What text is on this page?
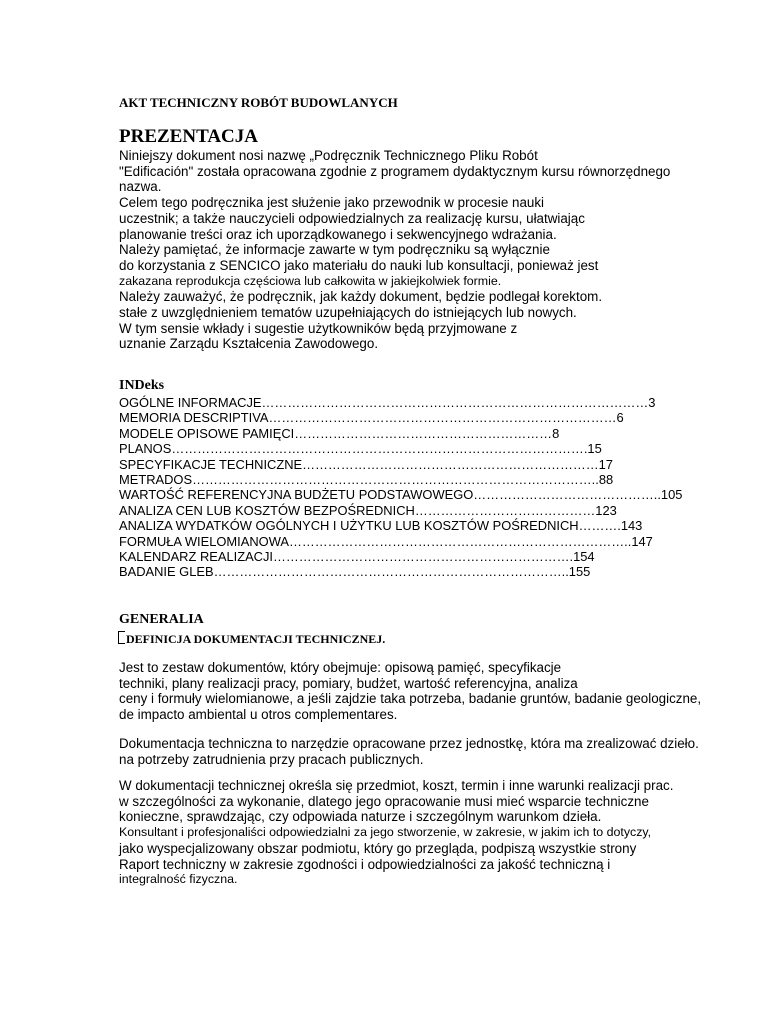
AKT TECHNICZNY ROBÓT BUDOWLANYCH
PREZENTACJA
Niniejszy dokument nosi nazwę „Podręcznik Technicznego Pliku Robót
"Edificación" została opracowana zgodnie z programem dydaktycznym kursu równorzędnego
nazwa.
Celem tego podręcznika jest służenie jako przewodnik w procesie nauki
uczestnik; a także nauczycieli odpowiedzialnych za realizację kursu, ułatwiając
planowanie treści oraz ich uporządkowanego i sekwencyjnego wdrażania.
Należy pamiętać, że informacje zawarte w tym podręczniku są wyłącznie
do korzystania z SENCICO jako materiału do nauki lub konsultacji, ponieważ jest
zakazana reprodukcja częściowa lub całkowita w jakiejkolwiek formie.
Należy zauważyć, że podręcznik, jak każdy dokument, będzie podlegał korektom.
stałe z uwzględnieniem tematów uzupełniających do istniejących lub nowych.
W tym sensie wkłady i sugestie użytkowników będą przyjmowane z
uznanie Zarządu Kształcenia Zawodowego.
INDeks
OGÓLNE INFORMACJE ……………………………………………………………………………… 3
MEMORIA DESCRIPTIVA ……………………………………………………………………… 6
MODELE OPISOWE PAMIĘCI …………………………………………………… 8
PLANOS ……………………………………………………………………………………. 15
SPECYFIKACJE TECHNICZNE …………………………………………………………… 17
METRADOS ………………………………………………………………………………….. 88
WARTOŚĆ REFERENCYJNA BUDŻETU PODSTAWOWEGO …………………………………….. 105
ANALIZA CEN LUB KOSZTÓW BEZPOŚREDNICH …………………………………… 123
ANALIZA WYDATKÓW OGÓLNYCH I UŻYTKU LUB KOSZTÓW POŚREDNICH ………. 143
FORMUŁA WIELOMIANOWA …………………………………………………………………….. 147
KALENDARZ REALIZACJI ……………………………………………………………. 154
BADANIE GLEB ……………………………………………………………………….. 155
GENERALIA
DEFINICJA DOKUMENTACJI TECHNICZNEJ.
Jest to zestaw dokumentów, który obejmuje: opisową pamięć, specyfikacje
techniki, plany realizacji pracy, pomiary, budżet, wartość referencyjna, analiza
ceny i formuły wielomianowe, a jeśli zajdzie taka potrzeba, badanie gruntów, badanie geologiczne,
de impacto ambiental u otros complementares.
Dokumentacja techniczna to narzędzie opracowane przez jednostkę, która ma zrealizować dzieło.
na potrzeby zatrudnienia przy pracach publicznych.
W dokumentacji technicznej określa się przedmiot, koszt, termin i inne warunki realizacji prac.
w szczególności za wykonanie, dlatego jego opracowanie musi mieć wsparcie techniczne
konieczne, sprawdzając, czy odpowiada naturze i szczególnym warunkom dzieła.
Konsultant i profesjonaliści odpowiedzialni za jego stworzenie, w zakresie, w jakim ich to dotyczy,
jako wyspecjalizowany obszar podmiotu, który go przegląda, podpiszą wszystkie strony
Raport techniczny w zakresie zgodności i odpowiedzialności za jakość techniczną i
integralność fizyczna.
